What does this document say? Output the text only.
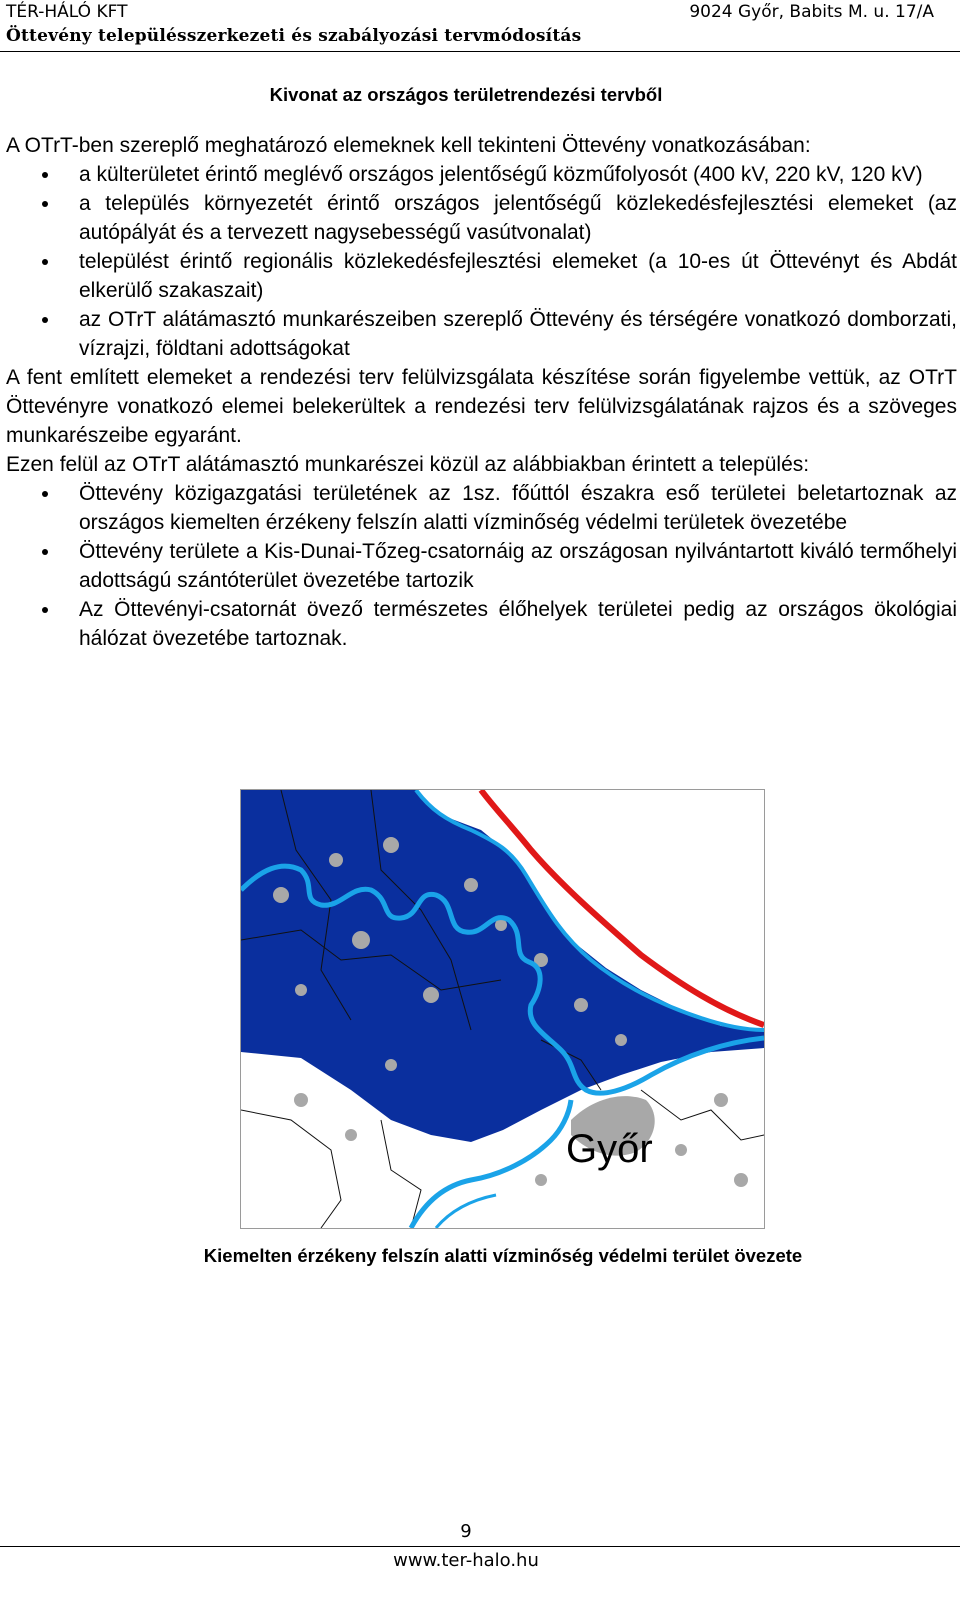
TÉR-HÁLÓ KFT	9024 Győr, Babits M. u. 17/A
Öttevény településszerkezeti és szabályozási tervmódosítás
Kivonat az országos területrendezési tervből

A OTrT-ben szereplő meghatározó elemeknek kell tekinteni Öttevény vonatkozásában:

a külterületet érintő meglévő országos jelentőségű közműfolyosót (400 kV, 220 kV, 120 kV)
a település környezetét érintő országos jelentőségű közlekedésfejlesztési elemeket (az autópályát és a tervezett nagysebességű vasútvonalat)
települést érintő regionális közlekedésfejlesztési elemeket (a 10-es út Öttevényt és Abdát elkerülő szakaszait)
az OTrT alátámasztó munkarészeiben szereplő Öttevény és térségére vonatkozó domborzati, vízrajzi, földtani adottságokat

A fent említett elemeket a rendezési terv felülvizsgálata készítése során figyelembe vettük, az OTrT Öttevényre vonatkozó elemei belekerültek a rendezési terv felülvizsgálatának rajzos és a szöveges munkarészeibe egyaránt.

Ezen felül az OTrT alátámasztó munkarészei közül az alábbiakban érintett a település:

Öttevény közigazgatási területének az 1sz. főúttól északra eső területei beletartoznak az országos kiemelten érzékeny felszín alatti vízminőség védelmi területek övezetébe
Öttevény területe a Kis-Dunai-Tőzeg-csatornáig az országosan nyilvántartott kiváló termőhelyi adottságú szántóterület övezetébe tartozik
Az Öttevényi-csatornát övező természetes élőhelyek területei pedig az országos ökológiai hálózat övezetébe tartoznak.
Győr
Kiemelten érzékeny felszín alatti vízminőség védelmi terület övezete
9
www.ter-halo.hu
